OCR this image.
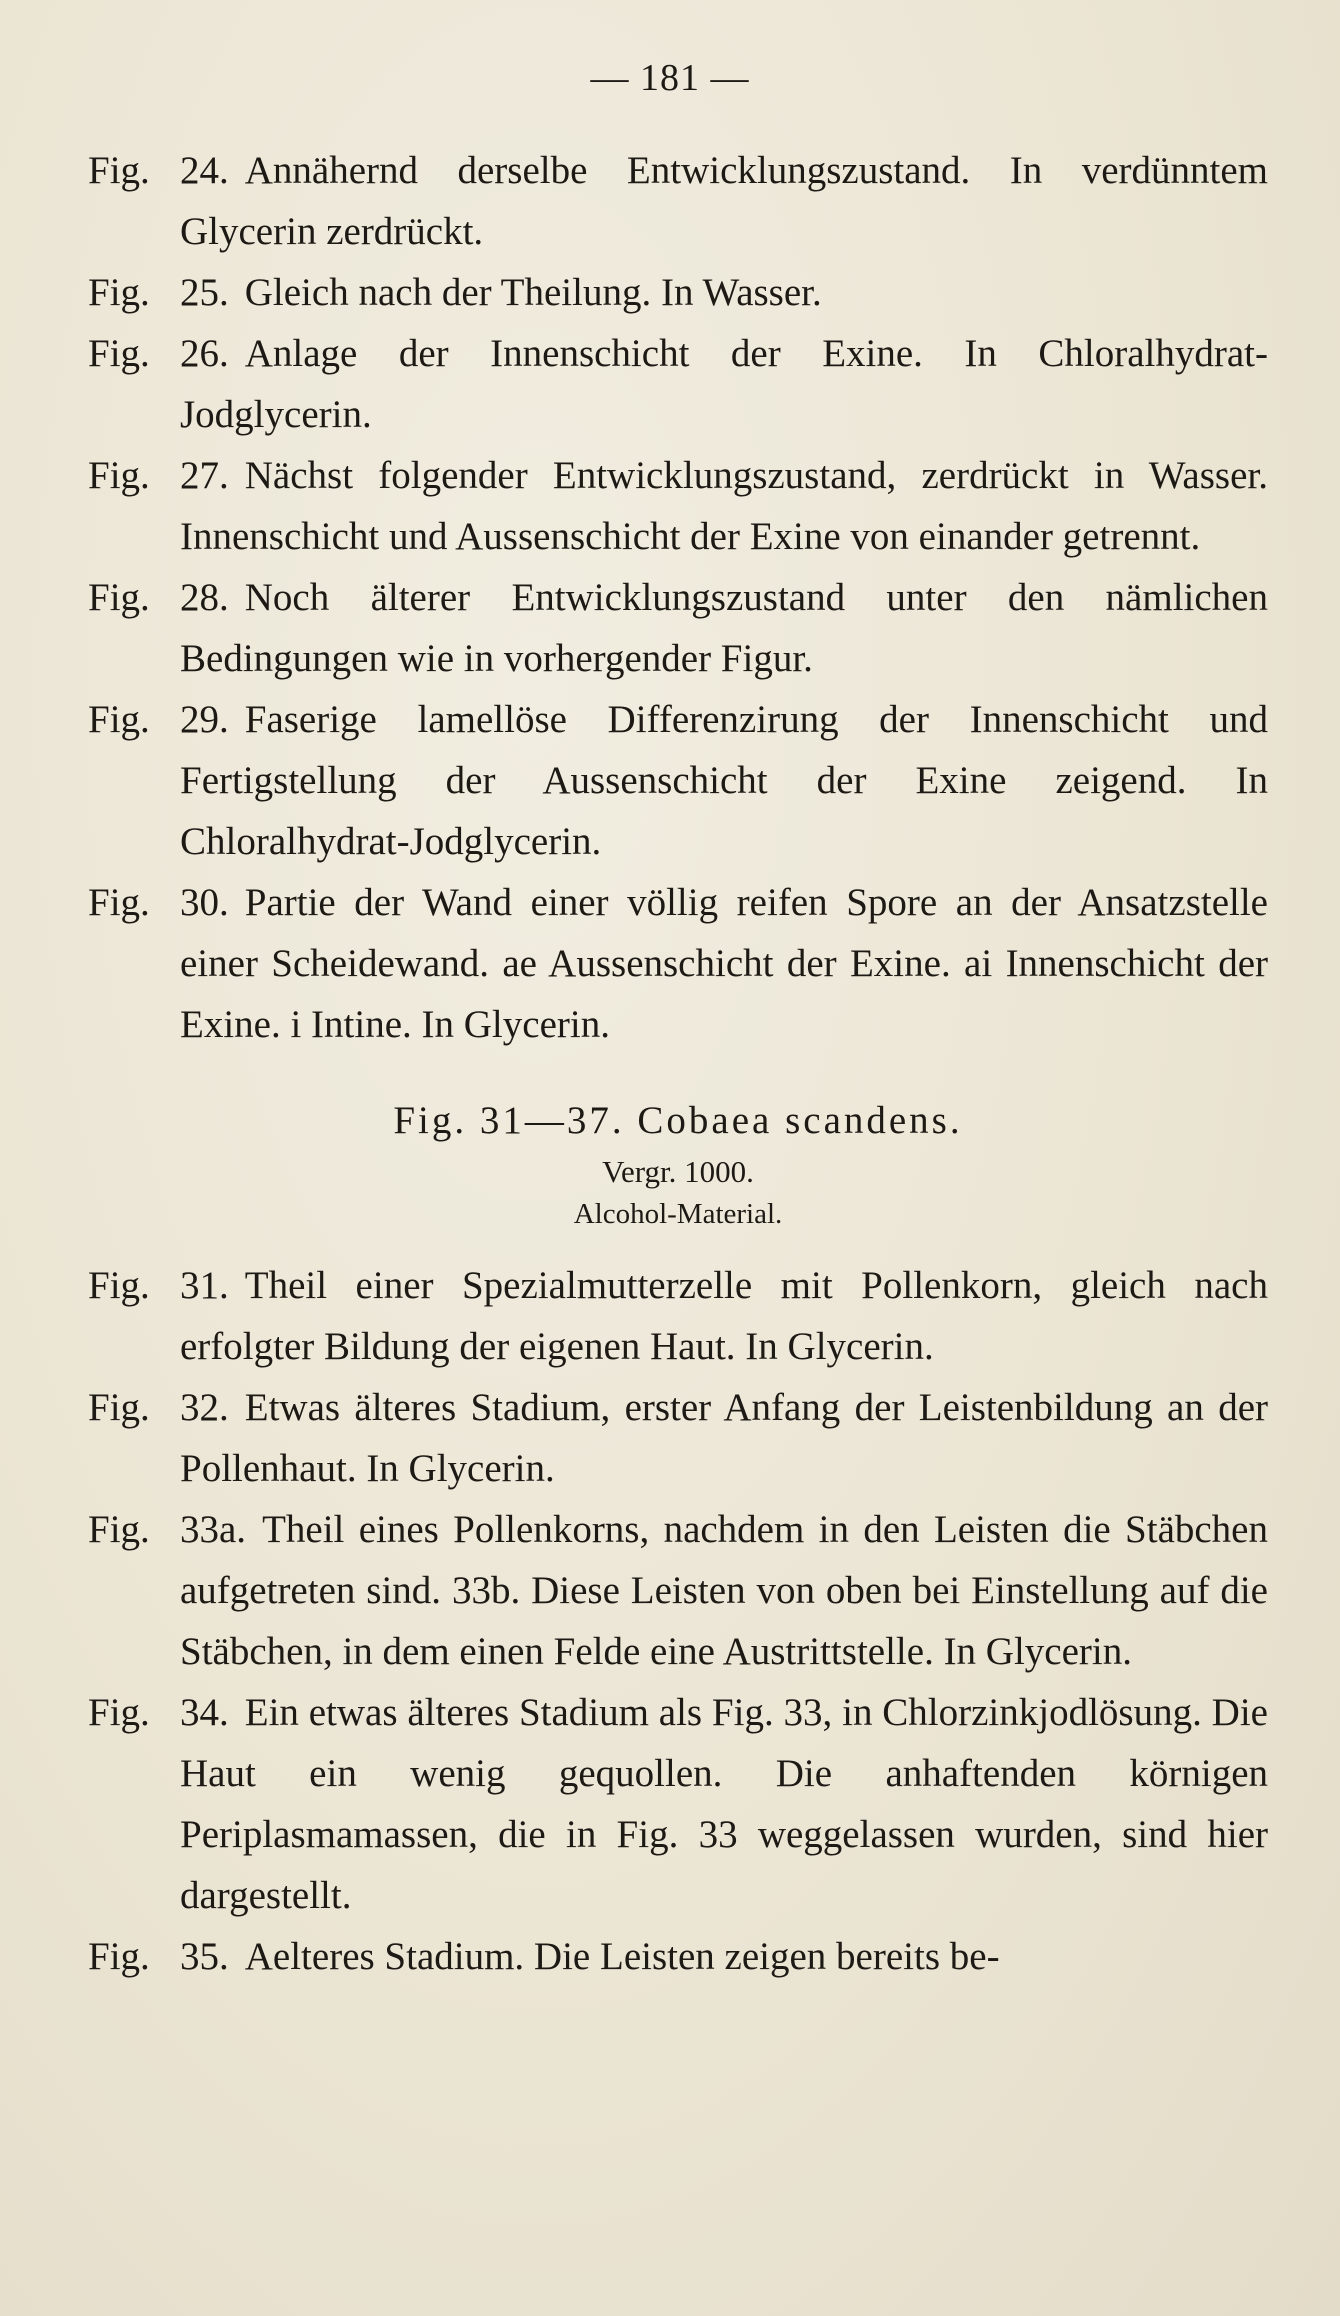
— 181 —

Fig. 24. Annähernd derselbe Entwicklungszustand. In verdünntem Glycerin zerdrückt.

Fig. 25. Gleich nach der Theilung. In Wasser.

Fig. 26. Anlage der Innenschicht der Exine. In Chloralhydrat-Jodglycerin.

Fig. 27. Nächst folgender Entwicklungszustand, zerdrückt in Wasser. Innenschicht und Aussenschicht der Exine von einander getrennt.

Fig. 28. Noch älterer Entwicklungszustand unter den nämlichen Bedingungen wie in vorhergender Figur.

Fig. 29. Faserige lamellöse Differenzirung der Innenschicht und Fertigstellung der Aussenschicht der Exine zeigend. In Chloralhydrat-Jodglycerin.

Fig. 30. Partie der Wand einer völlig reifen Spore an der Ansatzstelle einer Scheidewand. ae Aussenschicht der Exine. ai Innenschicht der Exine. i Intine. In Glycerin.

Fig. 31—37. Cobaea scandens.
Vergr. 1000.
Alcohol-Material.

Fig. 31. Theil einer Spezialmutterzelle mit Pollenkorn, gleich nach erfolgter Bildung der eigenen Haut. In Glycerin.

Fig. 32. Etwas älteres Stadium, erster Anfang der Leistenbildung an der Pollenhaut. In Glycerin.

Fig. 33a. Theil eines Pollenkorns, nachdem in den Leisten die Stäbchen aufgetreten sind. 33b. Diese Leisten von oben bei Einstellung auf die Stäbchen, in dem einen Felde eine Austrittstelle. In Glycerin.

Fig. 34. Ein etwas älteres Stadium als Fig. 33, in Chlorzinkjodlösung. Die Haut ein wenig gequollen. Die anhaftenden körnigen Periplasmamassen, die in Fig. 33 weggelassen wurden, sind hier dargestellt.

Fig. 35. Aelteres Stadium. Die Leisten zeigen bereits be-
